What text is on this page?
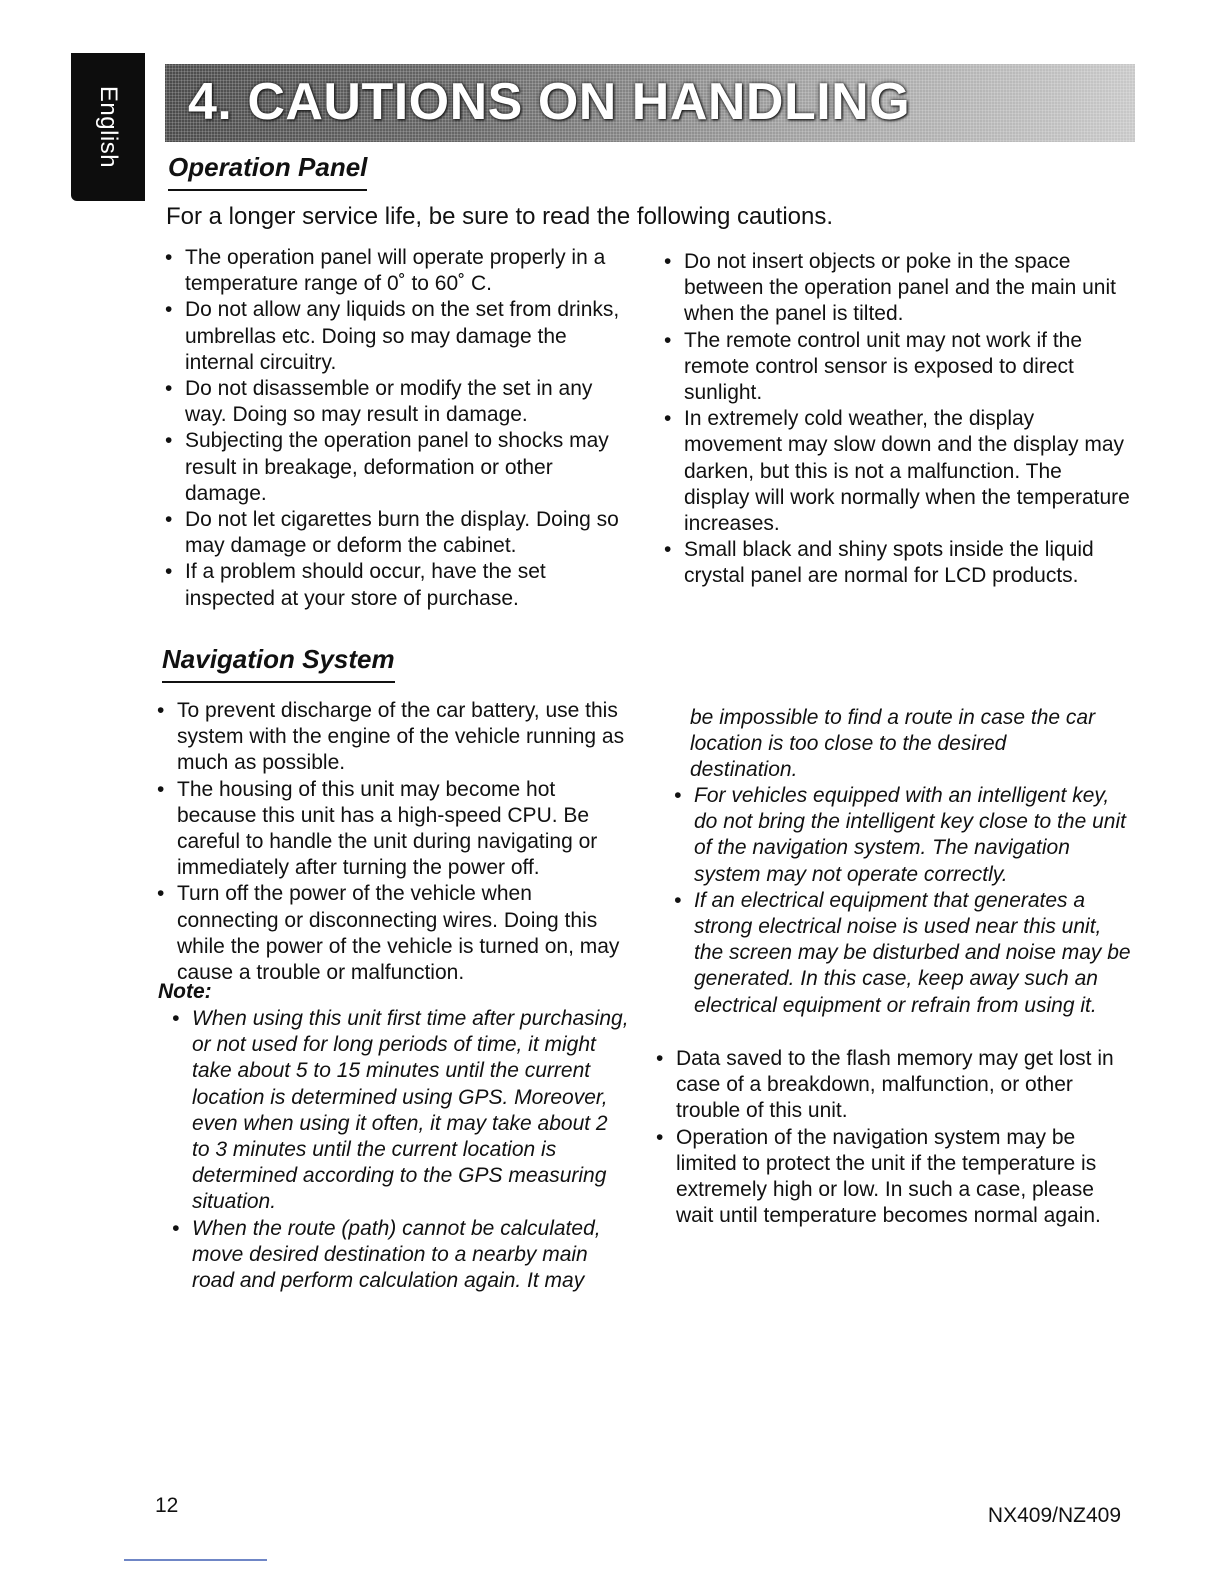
English 4. CAUTIONS ON HANDLING
Operation Panel

For a longer service life, be sure to read the following cautions.

• The operation panel will operate properly in a temperature range of 0˚ to 60˚ C.
• Do not allow any liquids on the set from drinks, umbrellas etc. Doing so may damage the internal circuitry.
• Do not disassemble or modify the set in any way. Doing so may result in damage.
• Subjecting the operation panel to shocks may result in breakage, deformation or other damage.
• Do not let cigarettes burn the display. Doing so may damage or deform the cabinet.
• If a problem should occur, have the set inspected at your store of purchase.
• Do not insert objects or poke in the space between the operation panel and the main unit when the panel is tilted.
• The remote control unit may not work if the remote control sensor is exposed to direct sunlight.
• In extremely cold weather, the display movement may slow down and the display may darken, but this is not a malfunction. The display will work normally when the temperature increases.
• Small black and shiny spots inside the liquid crystal panel are normal for LCD products.
Navigation System
• To prevent discharge of the car battery, use this system with the engine of the vehicle running as much as possible.
• The housing of this unit may become hot because this unit has a high-speed CPU. Be careful to handle the unit during navigating or immediately after turning the power off.
• Turn off the power of the vehicle when connecting or disconnecting wires. Doing this while the power of the vehicle is turned on, may cause a trouble or malfunction.
Note:
• When using this unit first time after purchasing, or not used for long periods of time, it might take about 5 to 15 minutes until the current location is determined using GPS. Moreover, even when using it often, it may take about 2 to 3 minutes until the current location is determined according to the GPS measuring situation.
• When the route (path) cannot be calculated, move desired destination to a nearby main road and perform calculation again. It may

be impossible to find a route in case the car location is too close to the desired destination.

• For vehicles equipped with an intelligent key, do not bring the intelligent key close to the unit of the navigation system. The navigation system may not operate correctly.
• If an electrical equipment that generates a strong electrical noise is used near this unit, the screen may be disturbed and noise may be generated. In this case, keep away such an electrical equipment or refrain from using it.
• Data saved to the flash memory may get lost in case of a breakdown, malfunction, or other trouble of this unit.
• Operation of the navigation system may be limited to protect the unit if the temperature is extremely high or low. In such a case, please wait until temperature becomes normal again.
12	NX409/NZ409
